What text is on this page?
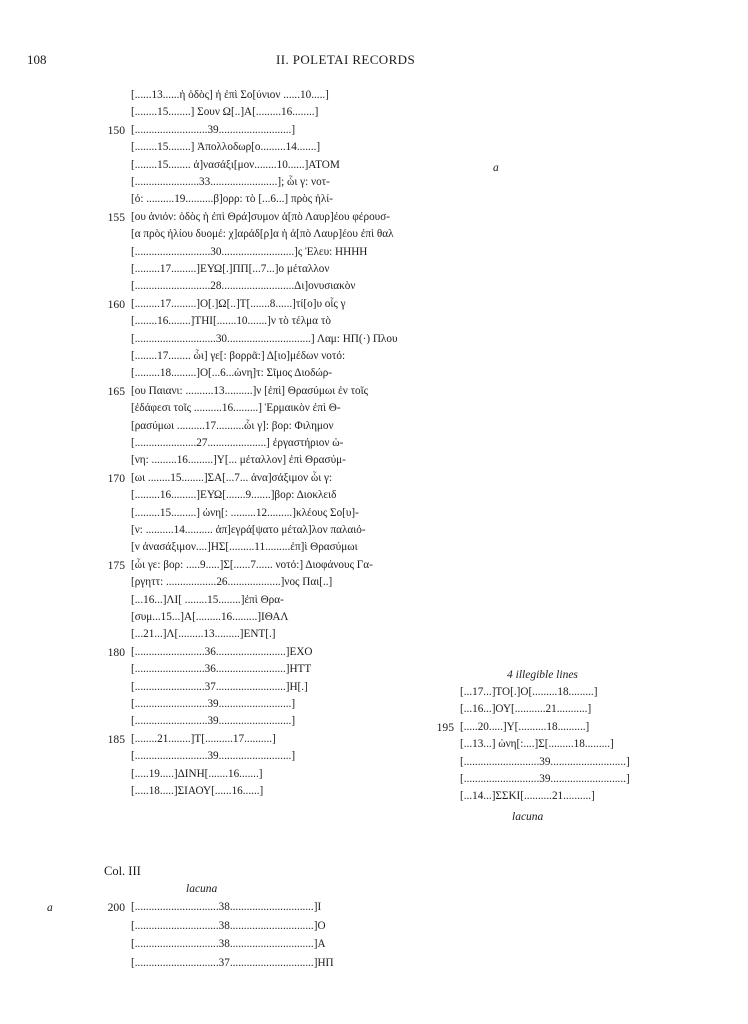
108	II. POLETAI RECORDS
a
a
[......13......ἡ ὁδὸς] ἡ ἐπὶ Σο[ύνιον ......10.....]
[........15........] Σουν Ω[..]Α[.........16........]
150 [..........................39..........................]
[........15........] Ἀπολλοδωρ[ο.........14.......]
[........15........ ἀ]νασάξι[μον........10......]ΑΤΟΜ
[.......................33........................]; ὧι γ: νοτ-
[ό: ..........19..........β]ορρ: τὸ [...6...] πρὸς ἡλί-
155 [ου ἀνιόν: ὁδὸς ἡ ἐπὶ Θρά]συμον ἀ[πὸ Λαυρ]έου φέρουσ-
[α πρὸς ἡλίου δυομέ: χ]αράδ[ρ]α ἡ ἀ[πὸ Λαυρ]έου ἐπὶ θαλ
[...........................30..........................]ς Ἐλευ: ΗΗΗΗ
[.........17.........]ΕΥΩ[.]ΠΠ[...7...]ο μέταλλον
[...........................28..........................Δι]ονυσιακὸν
160 [.........17.........]Ο[.]Ω[..]Τ[.......8......]τί[ο]υ οἷς γ
[........16........]ΤΗΙ[.......10.......]ν τὸ τέλμα τὸ
[.............................30..............................] Λαμ: ΗΠ(·) Πλου
[........17........ ὧι] γε[: βορρᾶ:] Δ[ιο]μέδων νοτό:
[.........18.........]Ο[...6...ὠνη]τ: Σῖμος Διοδώρ-
165 [ου Παιανι: ..........13..........]ν [ἐπὶ] Θρασύμωι ἐν τοῖς
[ἐδάφεσι τοῖς ..........16.........] Ἑρμαικὸν ἐπὶ Θ-
[ρασύμωι ..........17..........ὧι γ]: βορ: Φιλημον
[......................27.....................] ἐργαστήριον ὠ-
[νη: .........16.........]Υ[... μέταλλον] ἐπὶ Θρασύμ-
170 [ωι ........15........]ΣΑ[...7... ἀνα]σάξιμον ὧι γ:
[.........16.........]ΕΥΩ[.......9.......]βορ: Διοκλειδ
[.........15.........] ὠνη[: .........12.........]κλέους Σο[υ]-
[ν: ..........14.......... ἀπ]εγρά[ψατο μέταλ]λον παλαιό-
[ν ἀνασάξιμον....]ΗΣ[.........11.........ἐπ]ὶ Θρασύμωι
175 [ὧι γε: βορ: .....9.....]Σ[......7...... νοτό:] Διοφάνους Γα-
[ργηττ: ..................26...................]νος Παι[..]
[...16...]ΛΙ[ ........15........]ἐπὶ Θρα-
[συμ...15...]Α[.........16.........]ΙΘΑΛ
[...21...]Λ[.........13.........]ΕΝΤ[.]
180 [.........................36.........................]ΕΧΟ
[.........................36.........................]ΗΤΤ
[.........................37.........................]Η[.]
[..........................39..........................]
[..........................39..........................]
185 [........21........]Τ[..........17..........]
[..........................39..........................]
[.....19.....]ΔΙΝΗ[.......16.......]
[.....18.....]ΣΙΑΟΥ[......16......]
4 illegible lines
[...17...]ΤΟ[.]Ο[.........18.........]
[...16...]ΟΥ[...........21...........]
195 [.....20.....]Υ[..........18..........]
[...13...] ὠνη[:....]Σ[.........18.........]
[...........................39...........................]
[...........................39...........................]
[...14...]ΣΣΚΙ[..........21..........]
lacuna
Col. III
lacuna
200 [..............................38..............................]Ι
[..............................38..............................]Ο
[..............................38..............................]Α
[..............................37..............................]ΗΠ
